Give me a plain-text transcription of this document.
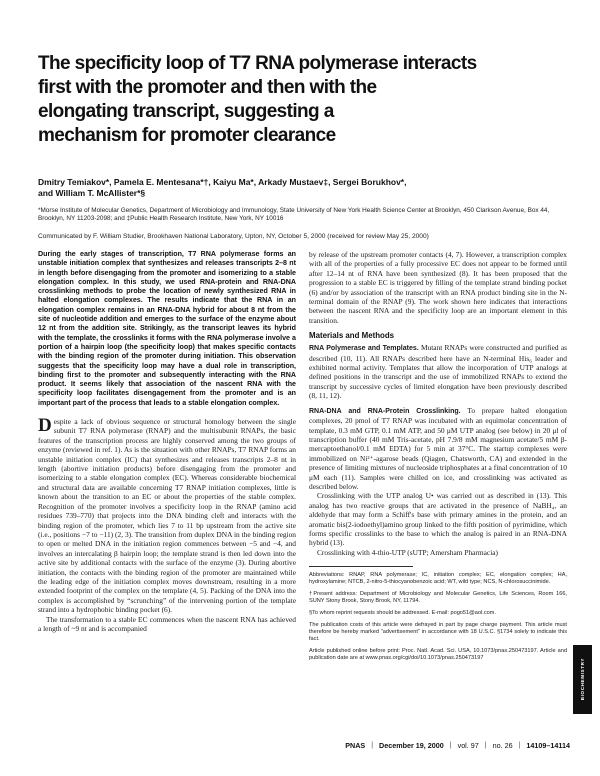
The specificity loop of T7 RNA polymerase interacts
first with the promoter and then with the
elongating transcript, suggesting a
mechanism for promoter clearance
Dmitry Temiakov*, Pamela E. Mentesana*†, Kaiyu Ma*, Arkady Mustaev‡, Sergei Borukhov*,
and William T. McAllister*§
*Morse Institute of Molecular Genetics, Department of Microbiology and Immunology, State University of New York Health Science Center at Brooklyn, 450 Clarkson Avenue, Box 44, Brooklyn, NY 11203-2098; and ‡Public Health Research Institute, New York, NY 10016
Communicated by F. William Studier, Brookhaven National Laboratory, Upton, NY, October 5, 2000 (received for review May 25, 2000)

During the early stages of transcription, T7 RNA polymerase forms an unstable initiation complex that synthesizes and releases transcripts 2–8 nt in length before disengaging from the promoter and isomerizing to a stable elongation complex. In this study, we used RNA-protein and RNA-DNA crosslinking methods to probe the location of newly synthesized RNA in halted elongation complexes. The results indicate that the RNA in an elongation complex remains in an RNA-DNA hybrid for about 8 nt from the site of nucleotide addition and emerges to the surface of the enzyme about 12 nt from the addition site. Strikingly, as the transcript leaves its hybrid with the template, the crosslinks it forms with the RNA polymerase involve a portion of a hairpin loop (the specificity loop) that makes specific contacts with the binding region of the promoter during initiation. This observation suggests that the specificity loop may have a dual role in transcription, binding first to the promoter and subsequently interacting with the RNA product. It seems likely that association of the nascent RNA with the specificity loop facilitates disengagement from the promoter and is an important part of the process that leads to a stable elongation complex.

Despite a lack of obvious sequence or structural homology between the single subunit T7 RNA polymerase (RNAP) and the multisubunit RNAPs, the basic features of the transcription process are highly conserved among the two groups of enzyme (reviewed in ref. 1). As is the situation with other RNAPs, T7 RNAP forms an unstable initiation complex (IC) that synthesizes and releases transcripts 2–8 nt in length (abortive initiation products) before disengaging from the promoter and isomerizing to a stable elongation complex (EC). Whereas considerable biochemical and structural data are available concerning T7 RNAP initiation complexes, little is known about the transition to an EC or about the properties of the stable complex. Recognition of the promoter involves a specificity loop in the RNAP (amino acid residues 739–770) that projects into the DNA binding cleft and interacts with the binding region of the promoter, which lies 7 to 11 bp upstream from the active site (i.e., positions −7 to −11) (2, 3). The transition from duplex DNA in the binding region to open or melted DNA in the initiation region commences between −5 and −4, and involves an intercalating β hairpin loop; the template strand is then led down into the active site by additional contacts with the surface of the enzyme (3). During abortive initiation, the contacts with the binding region of the promoter are maintained while the leading edge of the initiation complex moves downstream, resulting in a more extended footprint of the complex on the template (4, 5). Packing of the DNA into the complex is accomplished by “scrunching” of the intervening portion of the template strand into a hydrophobic binding pocket (6).

The transformation to a stable EC commences when the nascent RNA has achieved a length of ~9 nt and is accompanied

by release of the upstream promoter contacts (4, 7). However, a transcription complex with all of the properties of a fully processive EC does not appear to be formed until after 12–14 nt of RNA have been synthesized (8). It has been proposed that the progression to a stable EC is triggered by filling of the template strand binding pocket (6) and/or by association of the transcript with an RNA product binding site in the N-terminal domain of the RNAP (9). The work shown here indicates that interactions between the nascent RNA and the specificity loop are an important element in this transition.

Materials and Methods

RNA Polymerase and Templates. Mutant RNAPs were constructed and purified as described (10, 11). All RNAPs described here have an N-terminal His₆ leader and exhibited normal activity. Templates that allow the incorporation of UTP analogs at defined positions in the transcript and the use of immobilized RNAPs to extend the transcript by successive cycles of limited elongation have been previously described (8, 11, 12).

RNA-DNA and RNA-Protein Crosslinking. To prepare halted elongation complexes, 20 pmol of T7 RNAP was incubated with an equimolar concentration of template, 0.3 mM GTP, 0.1 mM ATP, and 50 μM UTP analog (see below) in 20 μl of transcription buffer (40 mM Tris-acetate, pH 7.9/8 mM magnesium acetate/5 mM β-mercaptoethanol/0.1 mM EDTA) for 5 min at 37°C. The startup complexes were immobilized on Ni²⁺-agarose beads (Qiagen, Chatsworth, CA) and extended in the presence of limiting mixtures of nucleoside triphosphates at a final concentration of 10 μM each (11). Samples were chilled on ice, and crosslinking was activated as described below.

Crosslinking with the UTP analog U• was carried out as described in (13). This analog has two reactive groups that are activated in the presence of NaBH₄, an aldehyde that may form a Schiff's base with primary amines in the protein, and an aromatic bis(2-iodoethyl)amino group linked to the fifth position of pyrimidine, which forms specific crosslinks to the base to which the analog is paired in an RNA-DNA hybrid (13).

Crosslinking with 4-thio-UTP (sUTP; Amersham Pharmacia)

Abbreviations: RNAP, RNA polymerase; IC, initiation complex; EC, elongation complex; HA, hydroxylamine; NTCB, 2-nitro-5-thiocyanobenzoic acid; WT, wild type; NCS, N-chlorosuccinimide.

†Present address: Department of Microbiology and Molecular Genetics, Life Sciences, Room 166, SUNY Stony Brook, Stony Brook, NY, 11794.

§To whom reprint requests should be addressed. E-mail: pogo51@aol.com.

The publication costs of this article were defrayed in part by page charge payment. This article must therefore be hereby marked “advertisement” in accordance with 18 U.S.C. §1734 solely to indicate this fact.

Article published online before print: Proc. Natl. Acad. Sci. USA, 10.1073/pnas.250473197. Article and publication date are at www.pnas.org/cgi/doi/10.1073/pnas.250473197

PNAS | December 19, 2000 | vol. 97 | no. 26 | 14109–14114
BIOCHEMISTRY
